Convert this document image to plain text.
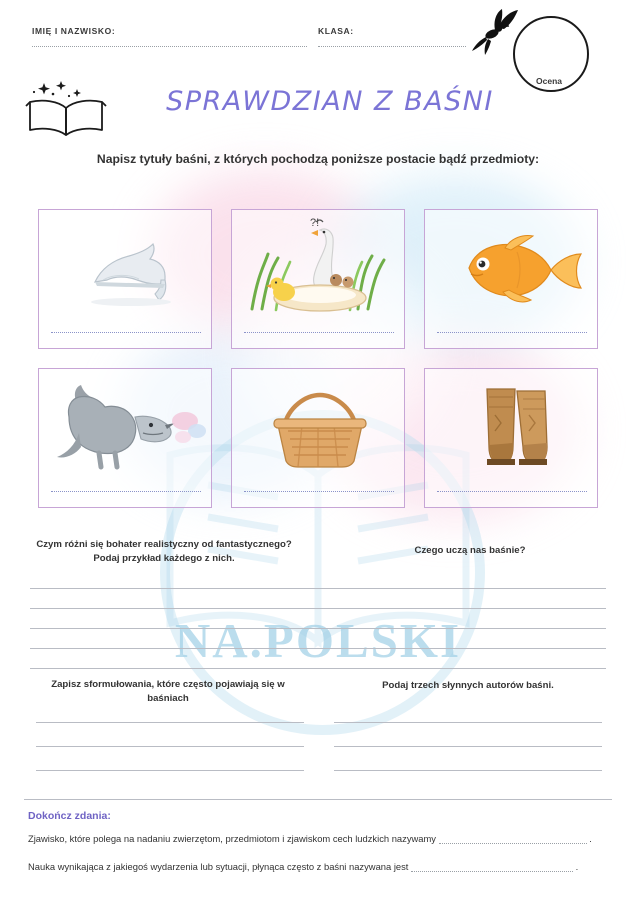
NA.POLSKI
IMIĘ I NAZWISKO:	KLASA:
Ocena
SPRAWDZIAN Z BAŚNI
Napisz tytuły baśni, z których pochodzą poniższe postacie bądź przedmioty:
?!
Czym różni się bohater realistyczny od fantastycznego? Podaj przykład każdego z nich.
Czego uczą nas baśnie?
Zapisz sformułowania, które często pojawiają się w baśniach
Podaj trzech słynnych autorów baśni.
Dokończ zdania:
Zjawisko, które polega na nadaniu zwierzętom, przedmiotom i zjawiskom cech ludzkich nazywamy	.
Nauka wynikająca z jakiegoś wydarzenia lub sytuacji, płynąca często z baśni nazywana jest	.
